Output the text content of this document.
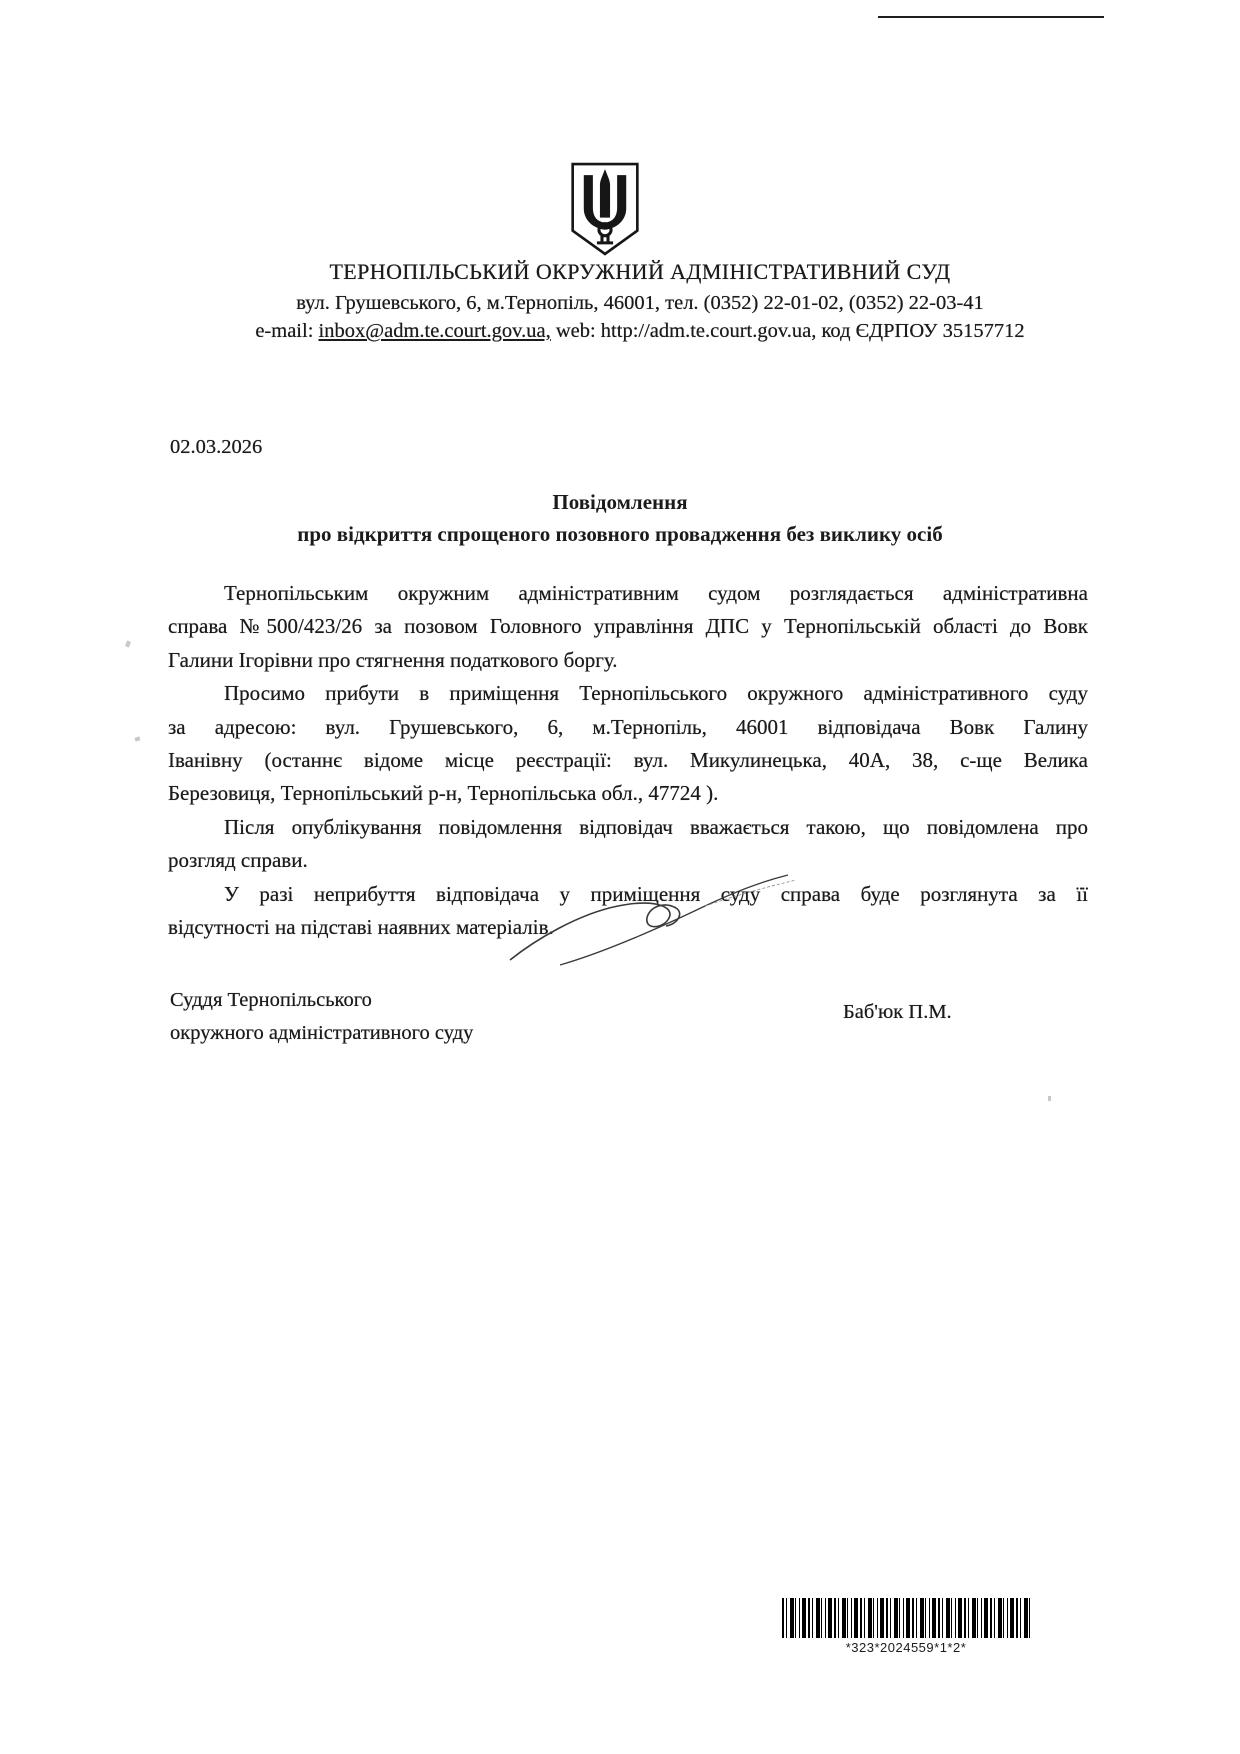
ТЕРНОПІЛЬСЬКИЙ ОКРУЖНИЙ АДМІНІСТРАТИВНИЙ СУД
вул. Грушевського, 6, м.Тернопіль, 46001, тел. (0352) 22-01-02, (0352) 22-03-41
e-mail: inbox@adm.te.court.gov.ua, web: http://adm.te.court.gov.ua, код ЄДРПОУ 35157712
02.03.2026
Повідомлення
про відкриття спрощеного позовного провадження без виклику осіб
Тернопільським окружним адміністративним судом розглядається адміністративна
справа №500/423/26 за позовом Головного управління ДПС у Тернопільській області до Вовк
Галини Ігорівни про стягнення податкового боргу.
Просимо прибути в приміщення Тернопільського окружного адміністративного суду
за адресою: вул. Грушевського, 6, м.Тернопіль, 46001 відповідача Вовк Галину
Іванівну (останнє відоме місце реєстрації: вул. Микулинецька, 40А, 38, с-ще Велика
Березовиця, Тернопільський р-н, Тернопільська обл., 47724 ).
Після опублікування повідомлення відповідач вважається такою, що повідомлена про
розгляд справи.
У разі неприбуття відповідача у приміщення суду справа буде розглянута за її
відсутності на підставі наявних матеріалів.
Суддя Тернопільського
окружного адміністративного суду
Баб'юк П.М.
*323*2024559*1*2*
